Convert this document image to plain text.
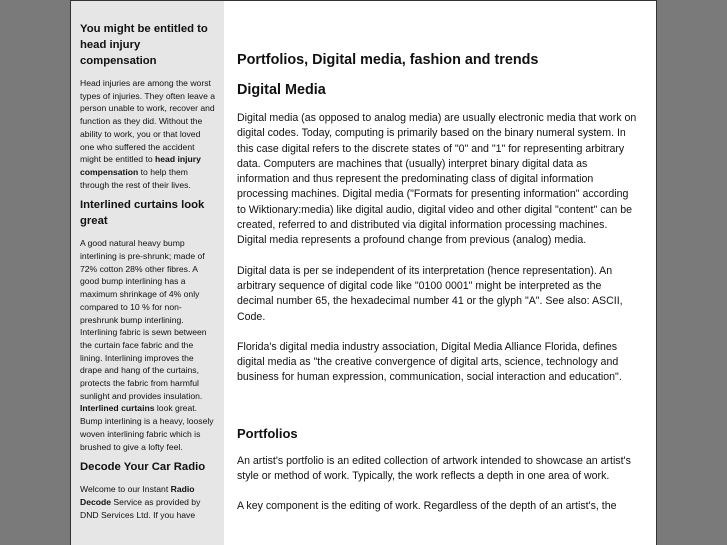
You might be entitled to head injury compensation

Head injuries are among the worst types of injuries. They often leave a person unable to work, recover and function as they did. Without the ability to work, you or that loved one who suffered the accident might be entitled to head injury compensation to help them through the rest of their lives.

Interlined curtains look great

A good natural heavy bump interlining is pre-shrunk; made of 72% cotton 28% other fibres. A good bump interlining has a maximum shrinkage of 4% only compared to 10 % for non-preshrunk bump interlining. Interlining fabric is sewn between the curtain face fabric and the lining. Interlining improves the drape and hang of the curtains, protects the fabric from harmful sunlight and provides insulation. Interlined curtains look great. Bump interlining is a heavy, loosely woven interlining fabric which is brushed to give a lofty feel.

Decode Your Car Radio

Welcome to our Instant Radio Decode Service as provided by DND Services Ltd. If you have

Portfolios, Digital media, fashion and trends
Digital Media

Digital media (as opposed to analog media) are usually electronic media that work on digital codes. Today, computing is primarily based on the binary numeral system. In this case digital refers to the discrete states of "0" and "1" for representing arbitrary data. Computers are machines that (usually) interpret binary digital data as information and thus represent the predominating class of digital information processing machines. Digital media ("Formats for presenting information" according to Wiktionary:media) like digital audio, digital video and other digital "content" can be created, referred to and distributed via digital information processing machines. Digital media represents a profound change from previous (analog) media.

Digital data is per se independent of its interpretation (hence representation). An arbitrary sequence of digital code like "0100 0001" might be interpreted as the decimal number 65, the hexadecimal number 41 or the glyph "A". See also: ASCII, Code.

Florida's digital media industry association, Digital Media Alliance Florida, defines digital media as "the creative convergence of digital arts, science, technology and business for human expression, communication, social interaction and education".

Portfolios

An artist's portfolio is an edited collection of artwork intended to showcase an artist's style or method of work. Typically, the work reflects a depth in one area of work.

A key component is the editing of work. Regardless of the depth of an artist's, the
